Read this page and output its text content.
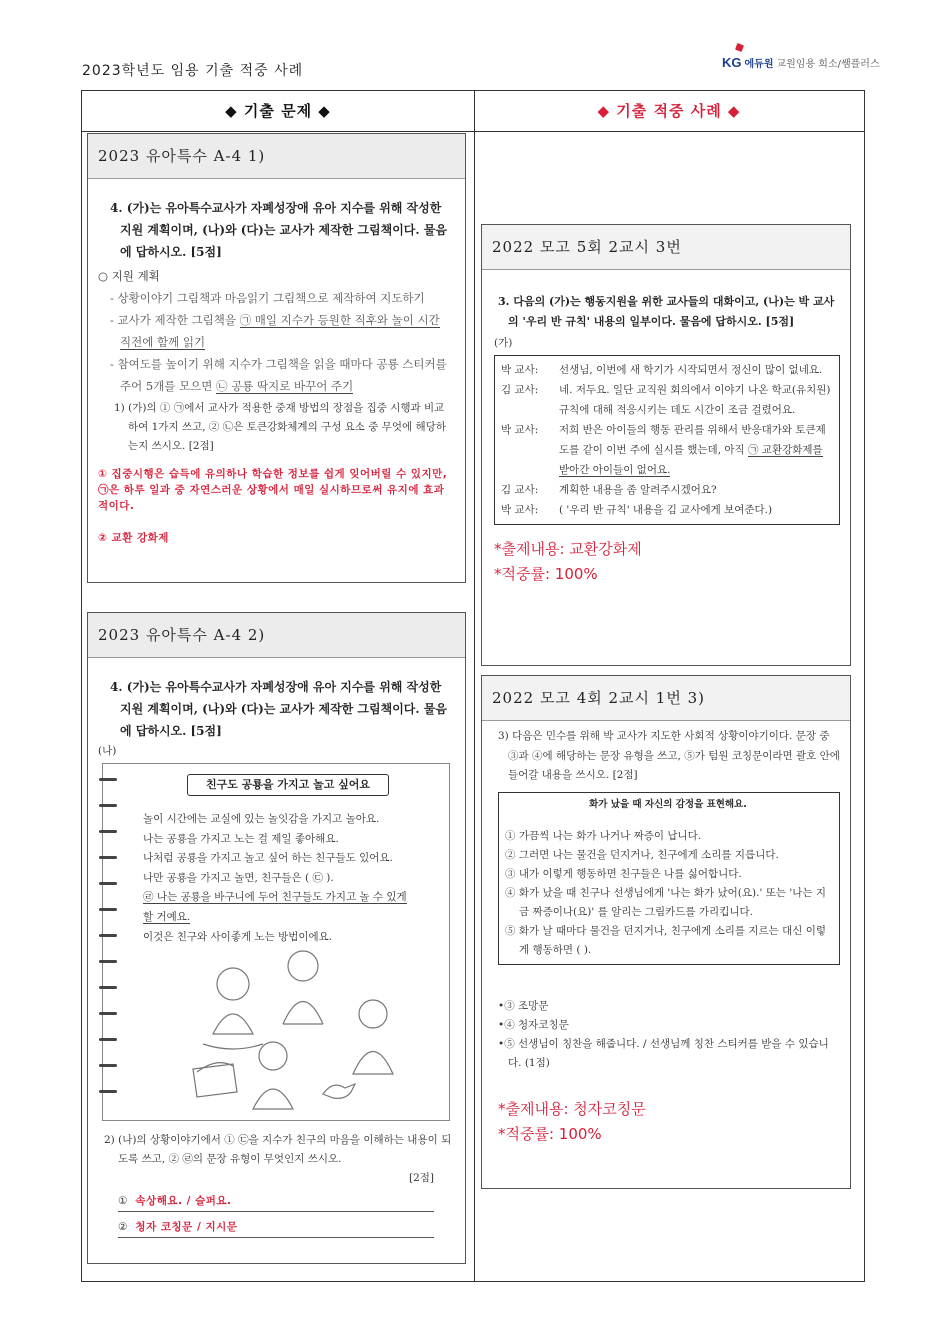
2023학년도 임용 기출 적중 사례
KG 에듀원 교원임용 희소/쌤플러스
◆ 기출 문제 ◆	◆ 기출 적중 사례 ◆
2023 유아특수 A-4 1)
4. (가)는 유아특수교사가 자폐성장애 유아 지수를 위해 작성한 지원 계획이며, (나)와 (다)는 교사가 제작한 그림책이다. 물음에 답하시오. [5점]
○ 지원 계획
- 상황이야기 그림책과 마음읽기 그림책으로 제작하여 지도하기
- 교사가 제작한 그림책을 ㉠ 매일 지수가 등원한 직후와 놀이 시간 직전에 함께 읽기
- 참여도를 높이기 위해 지수가 그림책을 읽을 때마다 공룡 스티커를 주어 5개를 모으면 ㉡ 공룡 딱지로 바꾸어 주기
1) (가)의 ① ㉠에서 교사가 적용한 중재 방법의 장점을 집중 시행과 비교하여 1가지 쓰고, ② ㉡은 토큰강화체계의 구성 요소 중 무엇에 해당하는지 쓰시오. [2점]
① 집중시행은 습득에 유의하나 학습한 정보를 쉽게 잊어버릴 수 있지만, ㉠은 하루 일과 중 자연스러운 상황에서 매일 실시하므로써 유지에 효과적이다.
② 교환 강화제
2023 유아특수 A-4 2)
4. (가)는 유아특수교사가 자폐성장애 유아 지수를 위해 작성한 지원 계획이며, (나)와 (다)는 교사가 제작한 그림책이다. 물음에 답하시오. [5점]
(나)
친구도 공룡을 가지고 놀고 싶어요
놀이 시간에는 교실에 있는 놀잇감을 가지고 놀아요.
나는 공룡을 가지고 노는 걸 제일 좋아해요.
나처럼 공룡을 가지고 놀고 싶어 하는 친구들도 있어요.
나만 공룡을 가지고 놀면, 친구들은 ( ㉢ ).
㉣ 나는 공룡을 바구니에 두어 친구들도 가지고 놀 수 있게
할 거예요.
이것은 친구와 사이좋게 노는 방법이에요.
2) (나)의 상황이야기에서 ① ㉢을 지수가 친구의 마음을 이해하는 내용이 되도록 쓰고, ② ㉣의 문장 유형이 무엇인지 쓰시오.
[2점]
① 속상해요. / 슬퍼요.
② 청자 코칭문 / 지시문
2022 모고 5회 2교시 3번
3. 다음의 (가)는 행동지원을 위한 교사들의 대화이고, (나)는 박 교사의 '우리 반 규칙' 내용의 일부이다. 물음에 답하시오. [5점]
(가)
박 교사:	선생님, 이번에 새 학기가 시작되면서 정신이 많이 없네요.
김 교사:	네. 저두요. 일단 교직원 회의에서 이야기 나온 학교(유치원) 규칙에 대해 적응시키는 데도 시간이 조금 걸렸어요.
박 교사:	저희 반은 아이들의 행동 관리를 위해서 반응대가와 토큰제도를 같이 이번 주에 실시를 했는데, 아직 ㉠ 교환강화제를 받아간 아이들이 없어요.
김 교사:	계획한 내용을 좀 알려주시겠어요?
박 교사:	( '우리 반 규칙' 내용을 김 교사에게 보여준다.)
*출제내용: 교환강화제
*적중률: 100%
2022 모고 4회 2교시 1번 3)
3) 다음은 민수를 위해 박 교사가 지도한 사회적 상황이야기이다. 문장 중 ③과 ④에 해당하는 문장 유형을 쓰고, ⑤가 텀원 코칭문이라면 괄호 안에 들어갈 내용을 쓰시오. [2점]
화가 났을 때 자신의 감정을 표현해요.
① 가끔씩 나는 화가 나거나 짜증이 납니다.
② 그러면 나는 물건을 던지거나, 친구에게 소리를 지릅니다.
③ 내가 이렇게 행동하면 친구들은 나를 싫어합니다.
④ 화가 났을 때 친구나 선생님에게 '나는 화가 났어(요).' 또는 '나는 지금 짜증이나(요)' 를 알리는 그림카드를 가리킵니다.
⑤ 화가 날 때마다 물건을 던지거나, 친구에게 소리를 지르는 대신 이렇게 행동하면 ( ).
•③ 조망문
•④ 청자코칭문
•⑤ 선생님이 칭찬을 해줍니다. / 선생님께 칭찬 스티커를 받을 수 있습니다. (1점)
*출제내용: 청자코칭문
*적중률: 100%
